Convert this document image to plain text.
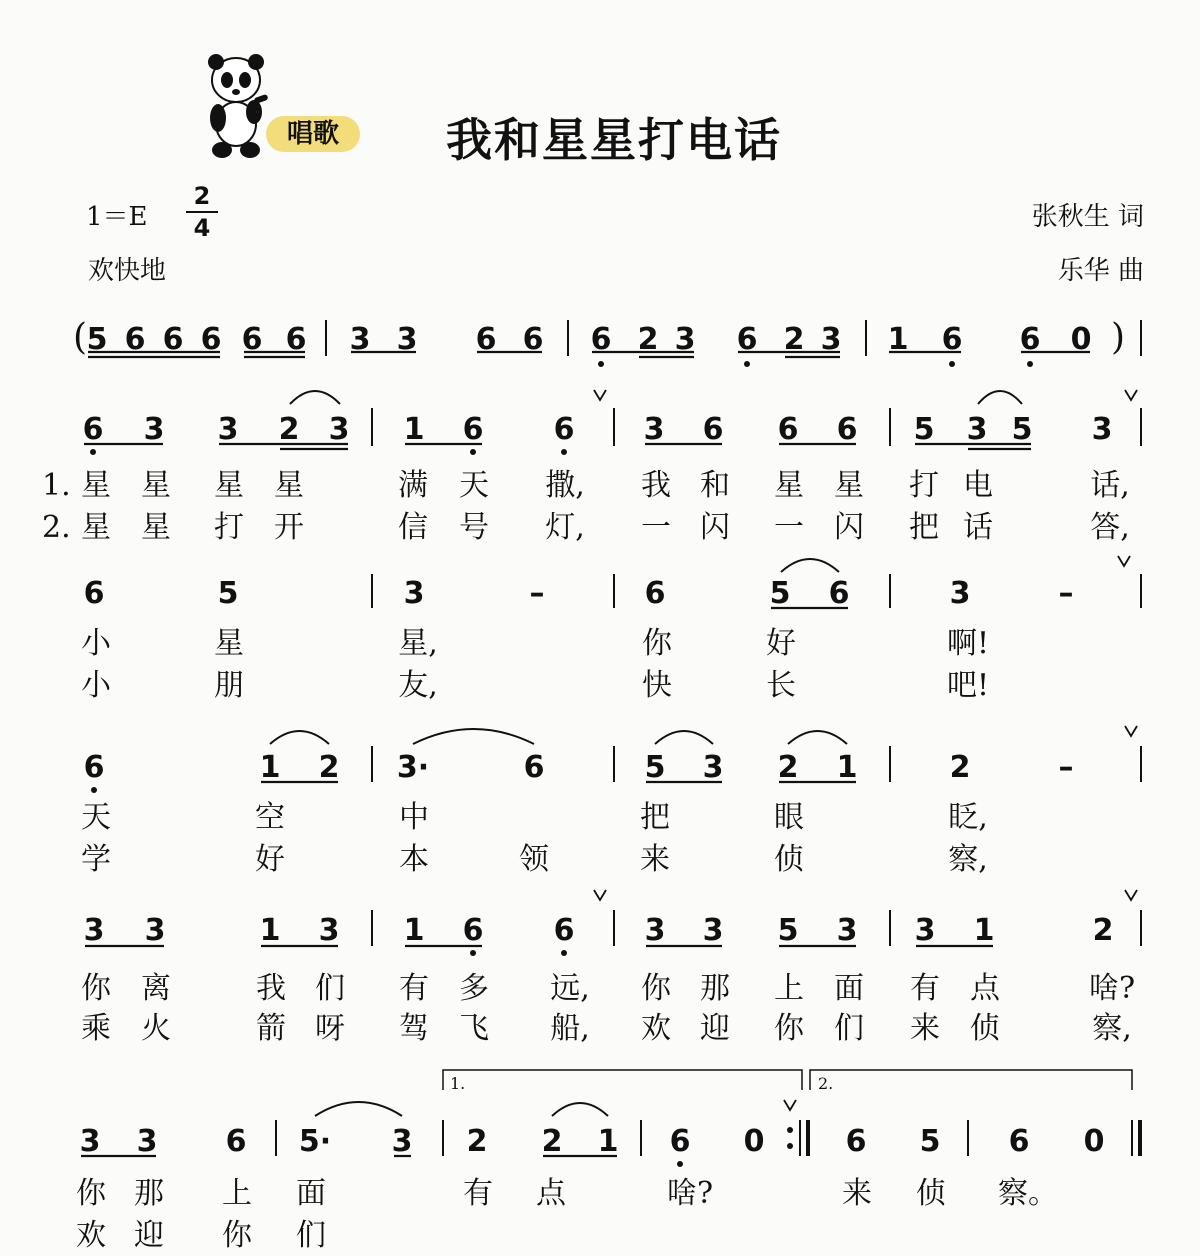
唱歌	我和星星打电话
1＝E
2
4
欢快地
张秋生 词
乐华 曲
1.	2.
( 5 6 6 6 6 6 3 3 6 6 6 2 3 6 2 3 1 6 6 0 )
6 3 3 2 3 1 6 6 3 6 6 6 5 3 5 3
6	5	3	–	6	5 6	3	–
6	1 2 3·	6	5 3 2 1	2	–
3 3	1 3 1 6 6 3 3 5 3 3 1	2
3 3 6 5· 3 2 2 1 6 0	6 5 6 0
1.
2.
星 星 星 星	满 天 撒, 我 和 星 星 打 电	话,
星 星 打 开	信 号 灯, 一 闪 一 闪 把 话	答,
小	星	星,	你	好	啊!
小	朋	友,	快	长	吧!
天	空	中	把	眼	眨,
学	好	本	领	来	侦	察,
你 离	我 们 有 多 远, 你 那 上 面 有 点	啥?
乘 火	箭 呀 驾 飞 船, 欢 迎 你 们 来 侦	察,
你 那 上 面	有 点	啥?	来 侦 察。
欢 迎 你 们
